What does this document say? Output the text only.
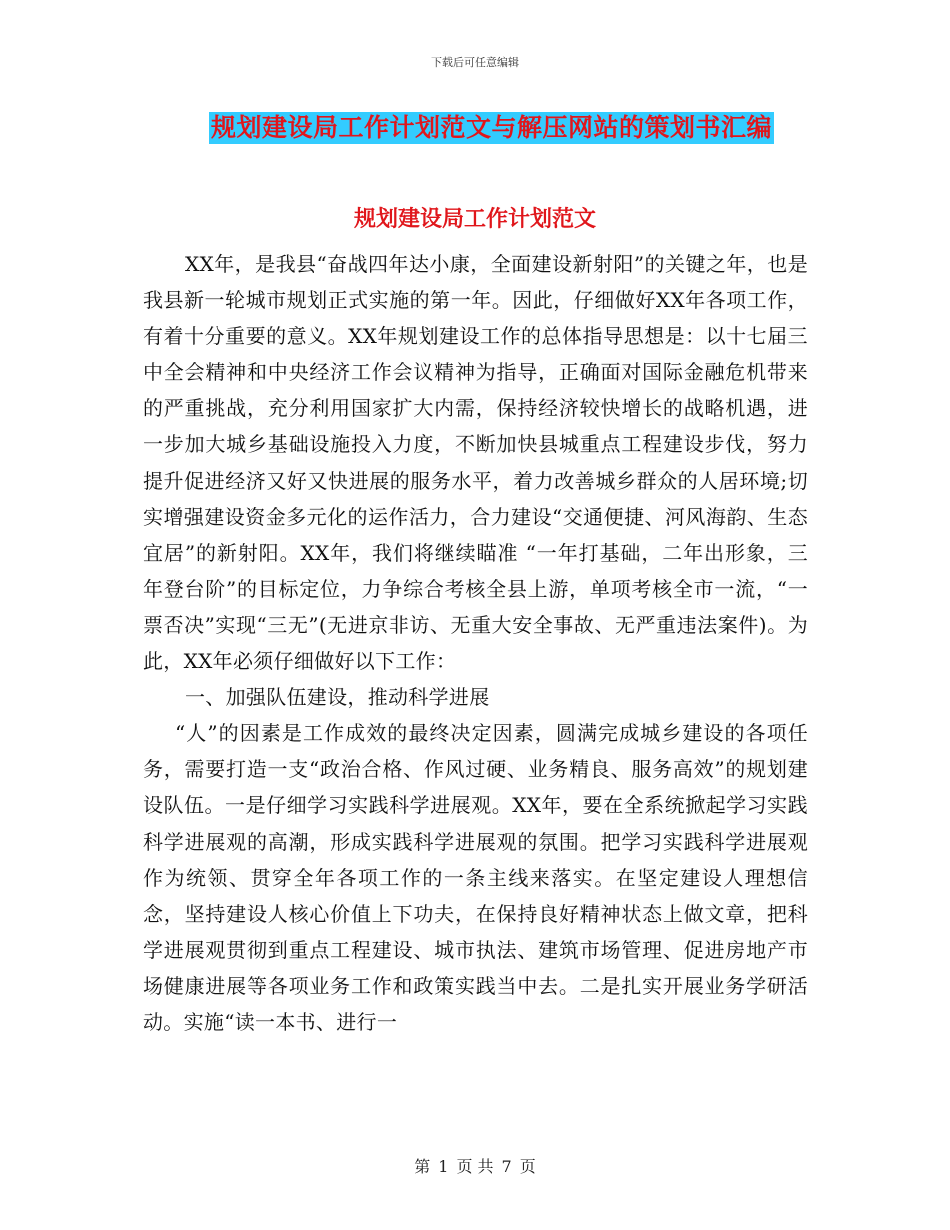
下载后可任意编辑
规划建设局工作计划范文与解压网站的策划书汇编
规划建设局工作计划范文

XX年，是我县“奋战四年达小康，全面建设新射阳”的关键之年，也是我县新一轮城市规划正式实施的第一年。因此，仔细做好XX年各项工作，有着十分重要的意义。XX年规划建设工作的总体指导思想是：以十七届三中全会精神和中央经济工作会议精神为指导，正确面对国际金融危机带来的严重挑战，充分利用国家扩大内需，保持经济较快增长的战略机遇，进一步加大城乡基础设施投入力度，不断加快县城重点工程建设步伐，努力提升促进经济又好又快进展的服务水平，着力改善城乡群众的人居环境;切实增强建设资金多元化的运作活力，合力建设“交通便捷、河风海韵、生态宜居”的新射阳。XX年，我们将继续瞄准 “一年打基础，二年出形象，三年登台阶”的目标定位，力争综合考核全县上游，单项考核全市一流，“一票否决”实现“三无”(无进京非访、无重大安全事故、无严重违法案件)。为此，XX年必须仔细做好以下工作：

一、加强队伍建设，推动科学进展

“人”的因素是工作成效的最终决定因素，圆满完成城乡建设的各项任务，需要打造一支“政治合格、作风过硬、业务精良、服务高效”的规划建设队伍。一是仔细学习实践科学进展观。XX年，要在全系统掀起学习实践科学进展观的高潮，形成实践科学进展观的氛围。把学习实践科学进展观作为统领、贯穿全年各项工作的一条主线来落实。在坚定建设人理想信念，坚持建设人核心价值上下功夫，在保持良好精神状态上做文章，把科学进展观贯彻到重点工程建设、城市执法、建筑市场管理、促进房地产市场健康进展等各项业务工作和政策实践当中去。二是扎实开展业务学研活动。实施“读一本书、进行一

第 1 页 共 7 页
